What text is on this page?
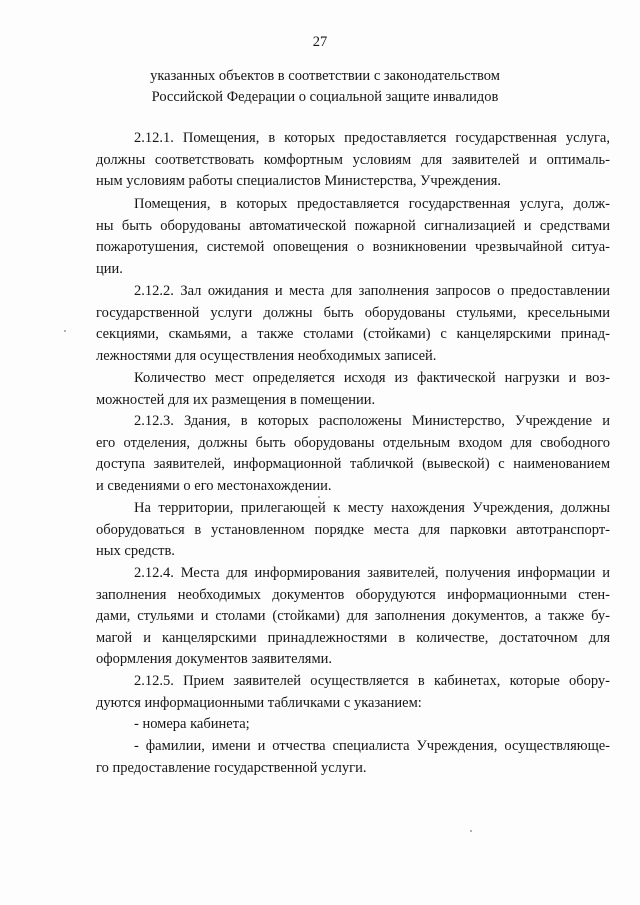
27
указанных объектов в соответствии с законодательством
Российской Федерации о социальной защите инвалидов
2.12.1. Помещения, в которых предоставляется государственная услуга,
должны соответствовать комфортным условиям для заявителей и оптималь-
ным условиям работы специалистов Министерства, Учреждения.
Помещения, в которых предоставляется государственная услуга, долж-
ны быть оборудованы автоматической пожарной сигнализацией и средствами
пожаротушения, системой оповещения о возникновении чрезвычайной ситуа-
ции.
2.12.2. Зал ожидания и места для заполнения запросов о предоставлении
государственной услуги должны быть оборудованы стульями, кресельными
секциями, скамьями, а также столами (стойками) с канцелярскими принад-
лежностями для осуществления необходимых записей.
Количество мест определяется исходя из фактической нагрузки и воз-
можностей для их размещения в помещении.
2.12.3. Здания, в которых расположены Министерство, Учреждение и
его отделения, должны быть оборудованы отдельным входом для свободного
доступа заявителей, информационной табличкой (вывеской) с наименованием
и сведениями о его местонахождении.
На территории, прилегающей к месту нахождения Учреждения, должны
оборудоваться в установленном порядке места для парковки автотранспорт-
ных средств.
2.12.4. Места для информирования заявителей, получения информации и
заполнения необходимых документов оборудуются информационными стен-
дами, стульями и столами (стойками) для заполнения документов, а также бу-
магой и канцелярскими принадлежностями в количестве, достаточном для
оформления документов заявителями.
2.12.5. Прием заявителей осуществляется в кабинетах, которые обору-
дуются информационными табличками с указанием:
- номера кабинета;
- фамилии, имени и отчества специалиста Учреждения, осуществляюще-
го предоставление государственной услуги.
